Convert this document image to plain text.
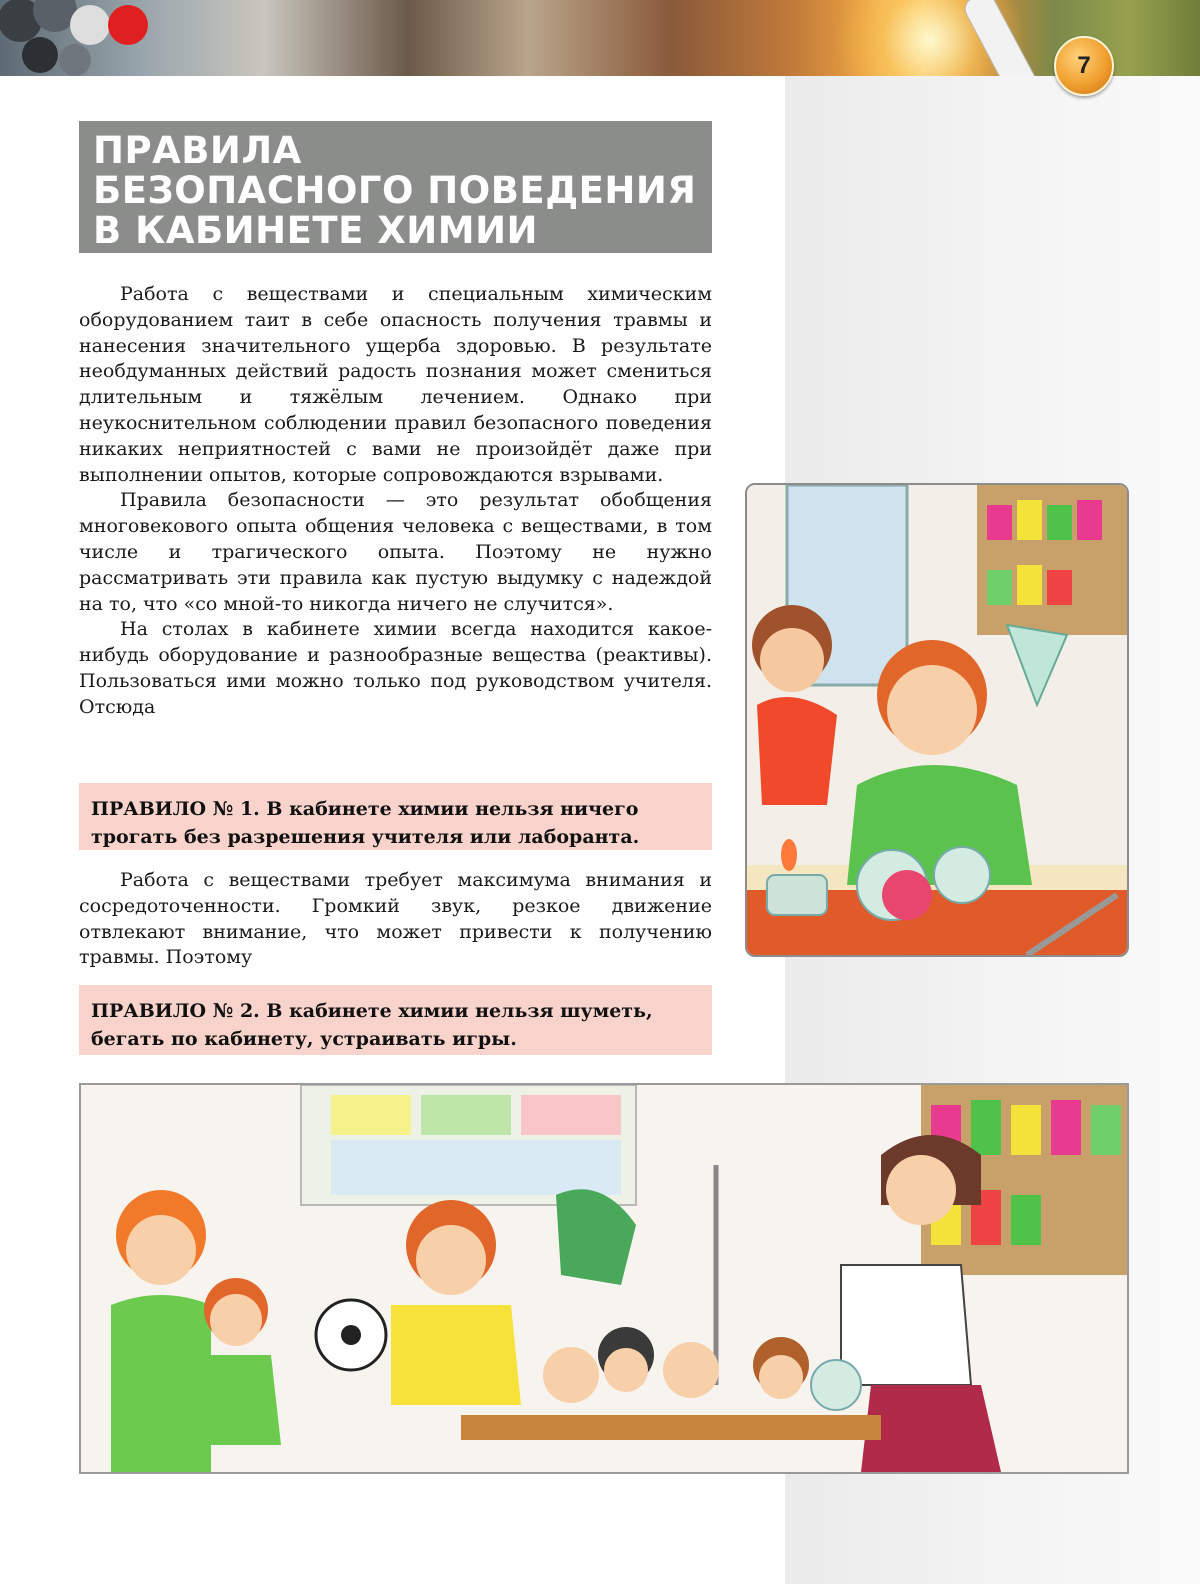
7
ПРАВИЛА
БЕЗОПАСНОГО ПОВЕДЕНИЯ
В КАБИНЕТЕ ХИМИИ

Работа с веществами и специальным химическим оборудованием таит в себе опасность получения травмы и нанесения значительного ущерба здоровью. В результате необдуманных действий радость познания может смениться длительным и тяжёлым лечением. Однако при неукоснительном соблюдении правил безопасного поведения никаких неприятностей с вами не произойдёт даже при выполнении опытов, которые сопровождаются взрывами.

Правила безопасности — это результат обобщения многовекового опыта общения человека с веществами, в том числе и трагического опыта. Поэтому не нужно рассматривать эти правила как пустую выдумку с надеждой на то, что «со мной-то никогда ничего не случится».

На столах в кабинете химии всегда находится какое-нибудь оборудование и разнообразные вещества (реактивы). Пользоваться ими можно только под руководством учителя. Отсюда

ПРАВИЛО № 1. В кабинете химии нельзя ничего трогать без разрешения учителя или лаборанта.

Работа с веществами требует максимума внимания и сосредоточенности. Громкий звук, резкое движение отвлекают внимание, что может привести к получению травмы. Поэтому

ПРАВИЛО № 2. В кабинете химии нельзя шуметь, бегать по кабинету, устраивать игры.
